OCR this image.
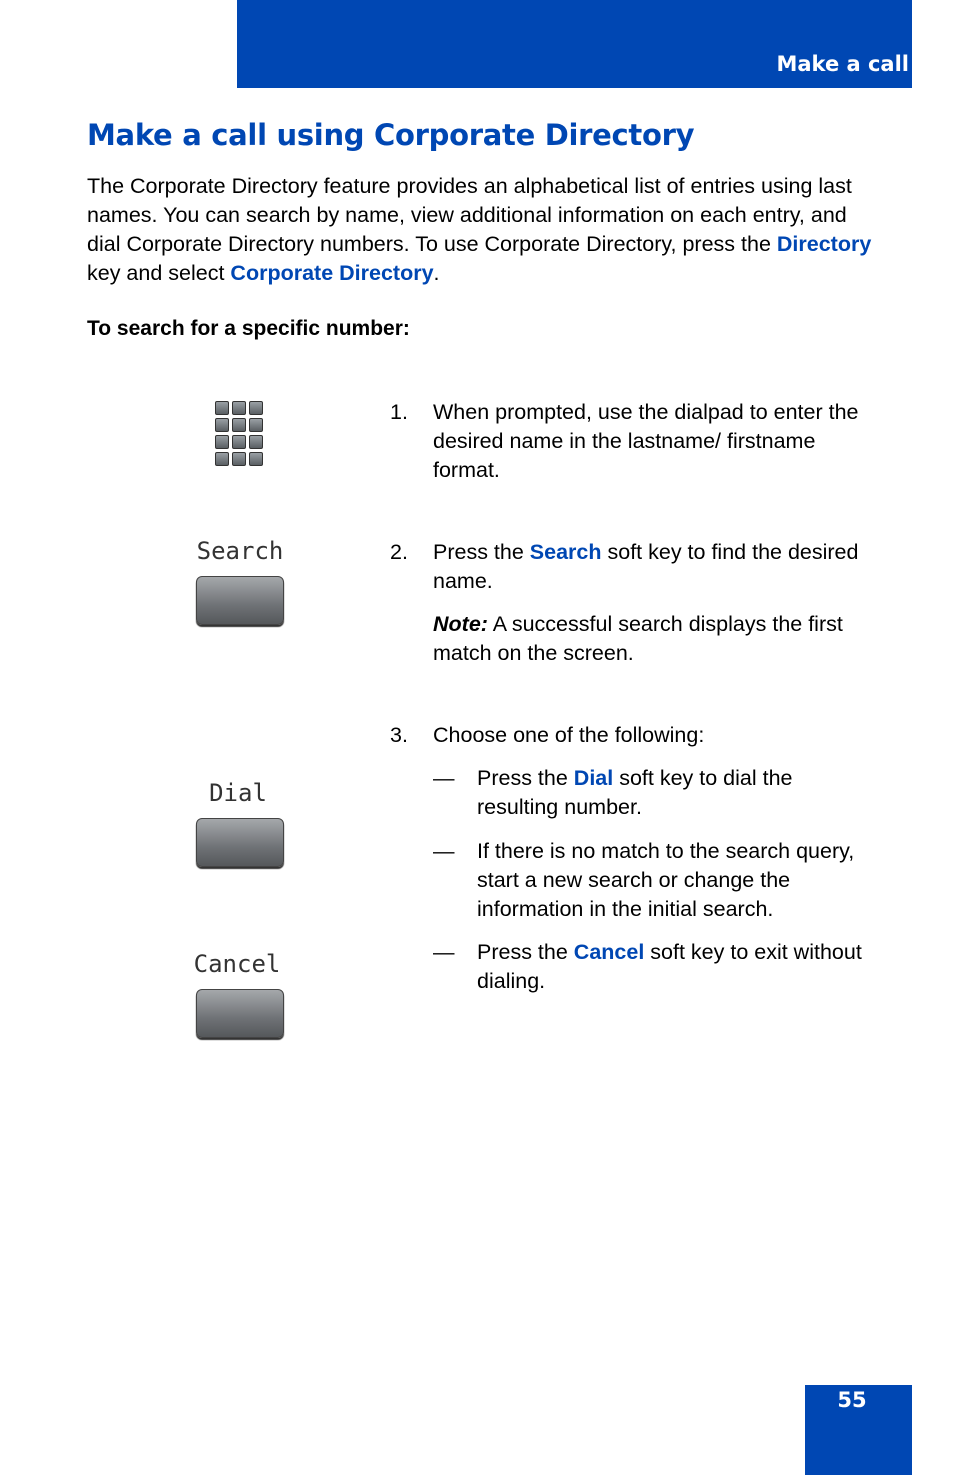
Make a call
Make a call using Corporate Directory

The Corporate Directory feature provides an alphabetical list of entries using last names. You can search by name, view additional information on each entry, and dial Corporate Directory numbers. To use Corporate Directory, press the Directory key and select Corporate Directory.

To search for a specific number:

1. When prompted, use the dialpad to enter the desired name in the lastname/ firstname format.
Search	2. Press the Search soft key to find the desired name.
Note: A successful search displays the first match on the screen.
3. Choose one of the following:
Dial
— Press the Dial soft key to dial the resulting number.
— If there is no match to the search query, start a new search or change the information in the initial search.
Cancel	— Press the Cancel soft key to exit without dialing.
55
